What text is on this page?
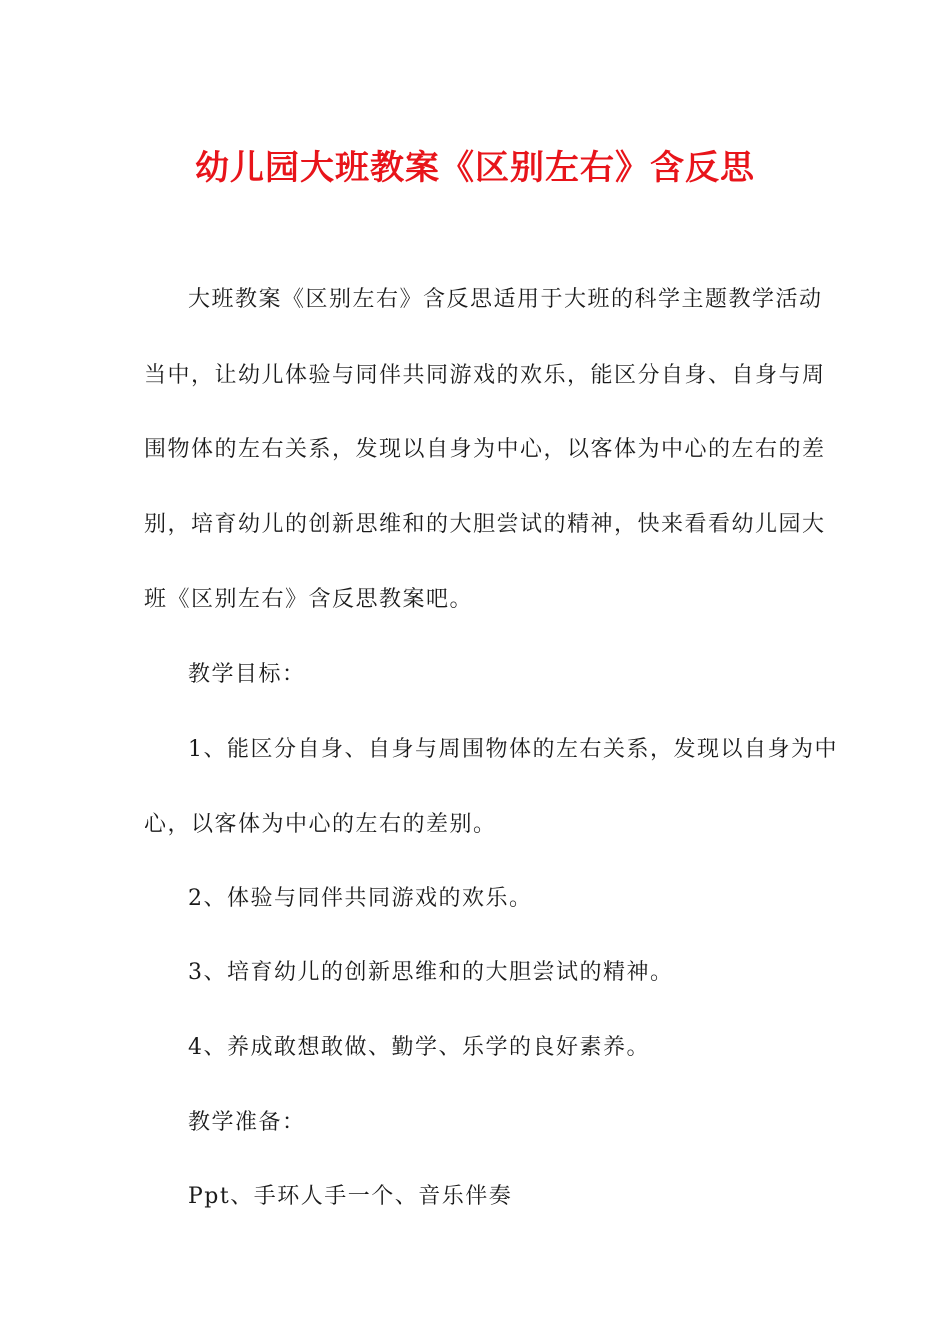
幼儿园大班教案《区别左右》含反思

大班教案《区别左右》含反思适用于大班的科学主题教学活动

当中，让幼儿体验与同伴共同游戏的欢乐，能区分自身、自身与周

围物体的左右关系，发现以自身为中心，以客体为中心的左右的差

别，培育幼儿的创新思维和的大胆尝试的精神，快来看看幼儿园大

班《区别左右》含反思教案吧。

教学目标：

1、能区分自身、自身与周围物体的左右关系，发现以自身为中

心，以客体为中心的左右的差别。

2、体验与同伴共同游戏的欢乐。

3、培育幼儿的创新思维和的大胆尝试的精神。

4、养成敢想敢做、勤学、乐学的良好素养。

教学准备：

Ppt、手环人手一个、音乐伴奏
